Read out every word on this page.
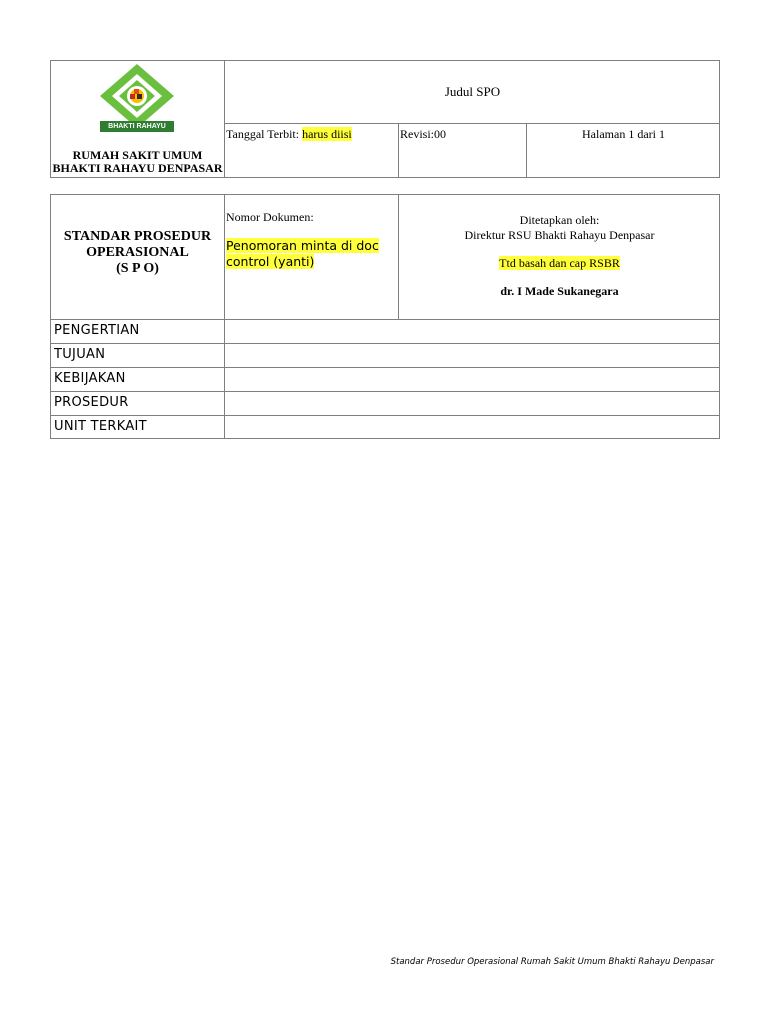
BHAKTI RAHAYU
RUMAH SAKIT UMUM
BHAKTI RAHAYU DENPASAR
Judul SPO
Tanggal Terbit: harus diisi	Revisi:00	Halaman 1 dari 1
STANDAR PROSEDUR
OPERASIONAL
(S P O)
Nomor Dokumen:
Penomoran minta di doc
control (yanti)
Ditetapkan oleh:
Direktur RSU Bhakti Rahayu Denpasar
Ttd basah dan cap RSBR
dr. I Made Sukanegara
PENGERTIAN
TUJUAN
KEBIJAKAN
PROSEDUR
UNIT TERKAIT
Standar Prosedur Operasional Rumah Sakit Umum Bhakti Rahayu Denpasar
